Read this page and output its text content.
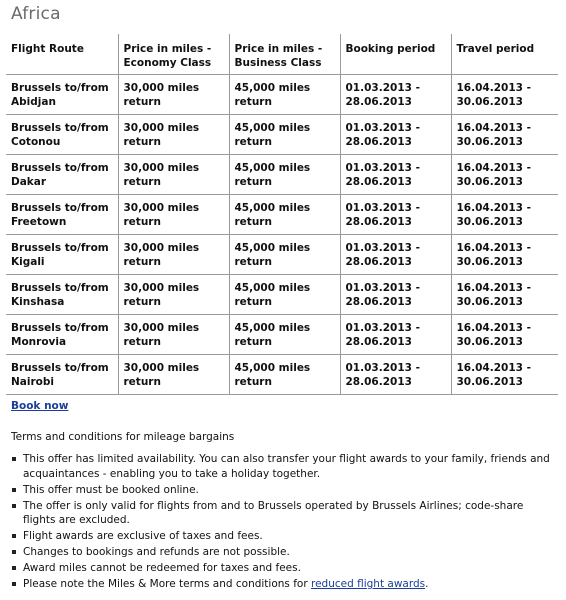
Africa
Flight Route	Price in miles - Economy Class	Price in miles - Business Class	Booking period	Travel period
Brussels to/from Abidjan	30,000 miles return	45,000 miles return	01.03.2013 - 28.06.2013	16.04.2013 - 30.06.2013
Brussels to/from Cotonou	30,000 miles return	45,000 miles return	01.03.2013 - 28.06.2013	16.04.2013 - 30.06.2013
Brussels to/from Dakar	30,000 miles return	45,000 miles return	01.03.2013 - 28.06.2013	16.04.2013 - 30.06.2013
Brussels to/from Freetown	30,000 miles return	45,000 miles return	01.03.2013 - 28.06.2013	16.04.2013 - 30.06.2013
Brussels to/from Kigali	30,000 miles return	45,000 miles return	01.03.2013 - 28.06.2013	16.04.2013 - 30.06.2013
Brussels to/from Kinshasa	30,000 miles return	45,000 miles return	01.03.2013 - 28.06.2013	16.04.2013 - 30.06.2013
Brussels to/from Monrovia	30,000 miles return	45,000 miles return	01.03.2013 - 28.06.2013	16.04.2013 - 30.06.2013
Brussels to/from Nairobi	30,000 miles return	45,000 miles return	01.03.2013 - 28.06.2013	16.04.2013 - 30.06.2013
Book now
Terms and conditions for mileage bargains
This offer has limited availability. You can also transfer your flight awards to your family, friends and acquaintances - enabling you to take a holiday together.
This offer must be booked online.
The offer is only valid for flights from and to Brussels operated by Brussels Airlines; code-share flights are excluded.
Flight awards are exclusive of taxes and fees.
Changes to bookings and refunds are not possible.
Award miles cannot be redeemed for taxes and fees.
Please note the Miles & More terms and conditions for reduced flight awards.
